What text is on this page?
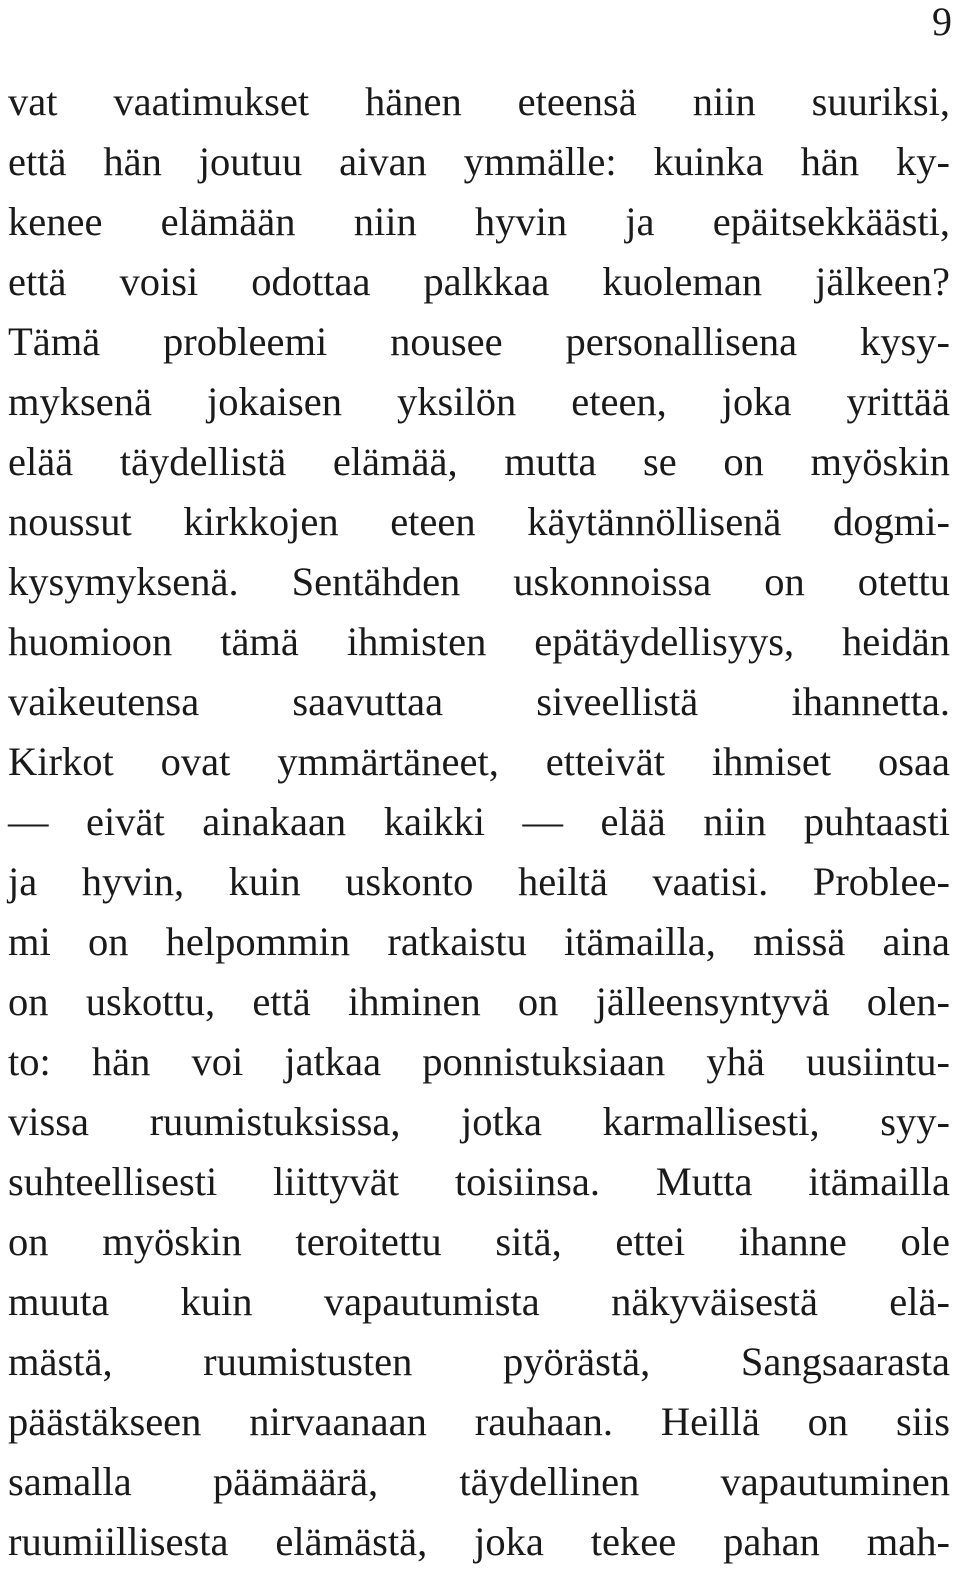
9
vat vaatimukset hänen eteensä niin suuriksi,
että hän joutuu aivan ymmälle: kuinka hän ky-
kenee elämään niin hyvin ja epäitsekkäästi,
että voisi odottaa palkkaa kuoleman jälkeen?
Tämä probleemi nousee personallisena kysy-
myksenä jokaisen yksilön eteen, joka yrittää
elää täydellistä elämää, mutta se on myöskin
noussut kirkkojen eteen käytännöllisenä dogmi-
kysymyksenä. Sentähden uskonnoissa on otettu
huomioon tämä ihmisten epätäydellisyys, heidän
vaikeutensa saavuttaa siveellistä ihannetta.
Kirkot ovat ymmärtäneet, etteivät ihmiset osaa
— eivät ainakaan kaikki — elää niin puhtaasti
ja hyvin, kuin uskonto heiltä vaatisi. Problee-
mi on helpommin ratkaistu itämailla, missä aina
on uskottu, että ihminen on jälleensyntyvä olen-
to: hän voi jatkaa ponnistuksiaan yhä uusiintu-
vissa ruumistuksissa, jotka karmallisesti, syy-
suhteellisesti liittyvät toisiinsa. Mutta itämailla
on myöskin teroitettu sitä, ettei ihanne ole
muuta kuin vapautumista näkyväisestä elä-
mästä, ruumistusten pyörästä, Sangsaarasta
päästäkseen nirvaanaan rauhaan. Heillä on siis
samalla päämäärä, täydellinen vapautuminen
ruumiillisesta elämästä, joka tekee pahan mah-
